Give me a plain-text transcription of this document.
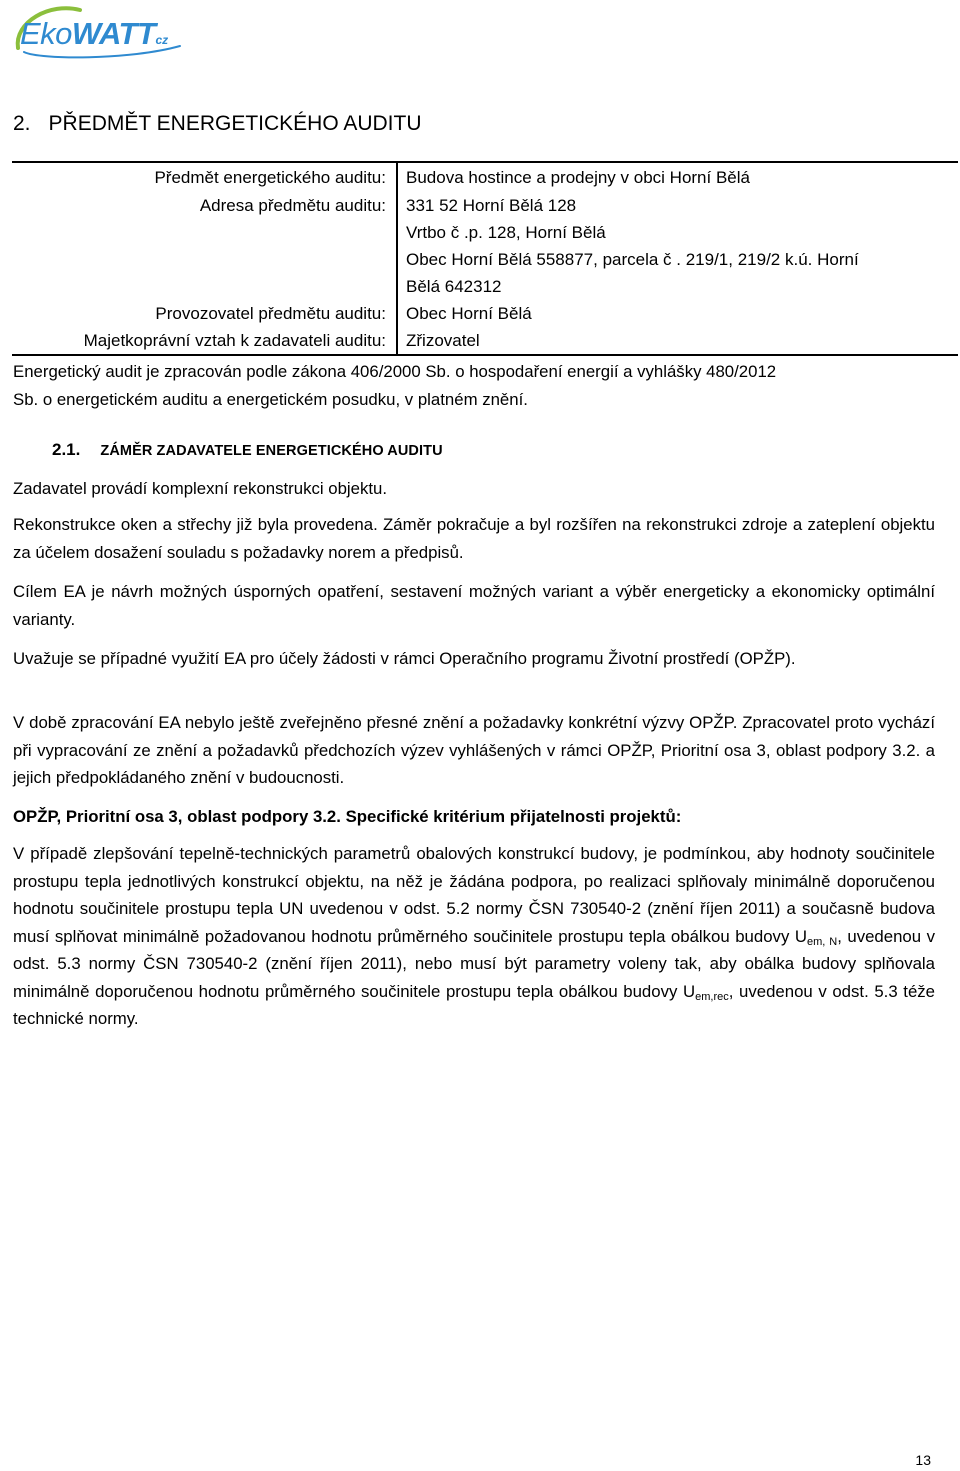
EkoWATTcz
2. PŘEDMĚT ENERGETICKÉHO AUDITU
Předmět energetického auditu: Budova hostince a prodejny v obci Horní Bělá
Adresa předmětu auditu: 331 52 Horní Bělá 128
Vrtbo č .p. 128, Horní Bělá
Obec Horní Bělá 558877, parcela č . 219/1, 219/2 k.ú. Horní
Bělá 642312
Provozovatel předmětu auditu: Obec Horní Bělá
Majetkoprávní vztah k zadavateli auditu: Zřizovatel
Energetický audit je zpracován podle zákona 406/2000 Sb. o hospodaření energií a vyhlášky 480/2012
Sb. o energetickém auditu a energetickém posudku, v platném znění.
2.1. ZÁMĚR ZADAVATELE ENERGETICKÉHO AUDITU
Zadavatel provádí komplexní rekonstrukci objektu.
Rekonstrukce oken a střechy již byla provedena. Záměr pokračuje a byl rozšířen na rekonstrukci zdroje a zateplení objektu za účelem dosažení souladu s požadavky norem a předpisů.
Cílem EA je návrh možných úsporných opatření, sestavení možných variant a výběr energeticky a ekonomicky optimální varianty.
Uvažuje se případné využití EA pro účely žádosti v rámci Operačního programu Životní prostředí (OPŽP).
V době zpracování EA nebylo ještě zveřejněno přesné znění a požadavky konkrétní výzvy OPŽP. Zpracovatel proto vychází při vypracování ze znění a požadavků předchozích výzev vyhlášených v rámci OPŽP, Prioritní osa 3, oblast podpory 3.2. a jejich předpokládaného znění v budoucnosti.
OPŽP, Prioritní osa 3, oblast podpory 3.2. Specifické kritérium přijatelnosti projektů:
V případě zlepšování tepelně-technických parametrů obalových konstrukcí budovy, je podmínkou, aby hodnoty součinitele prostupu tepla jednotlivých konstrukcí objektu, na něž je žádána podpora, po realizaci splňovaly minimálně doporučenou hodnotu součinitele prostupu tepla UN uvedenou v odst. 5.2 normy ČSN 730540-2 (znění říjen 2011) a současně budova musí splňovat minimálně požadovanou hodnotu průměrného součinitele prostupu tepla obálkou budovy $U_{em, N}$, uvedenou v odst. 5.3 normy ČSN 730540-2 (znění říjen 2011), nebo musí být parametry voleny tak, aby obálka budovy splňovala minimálně doporučenou hodnotu průměrného součinitele prostupu tepla obálkou budovy $U_{em,rec}$, uvedenou v odst. 5.3 téže technické normy.
13
